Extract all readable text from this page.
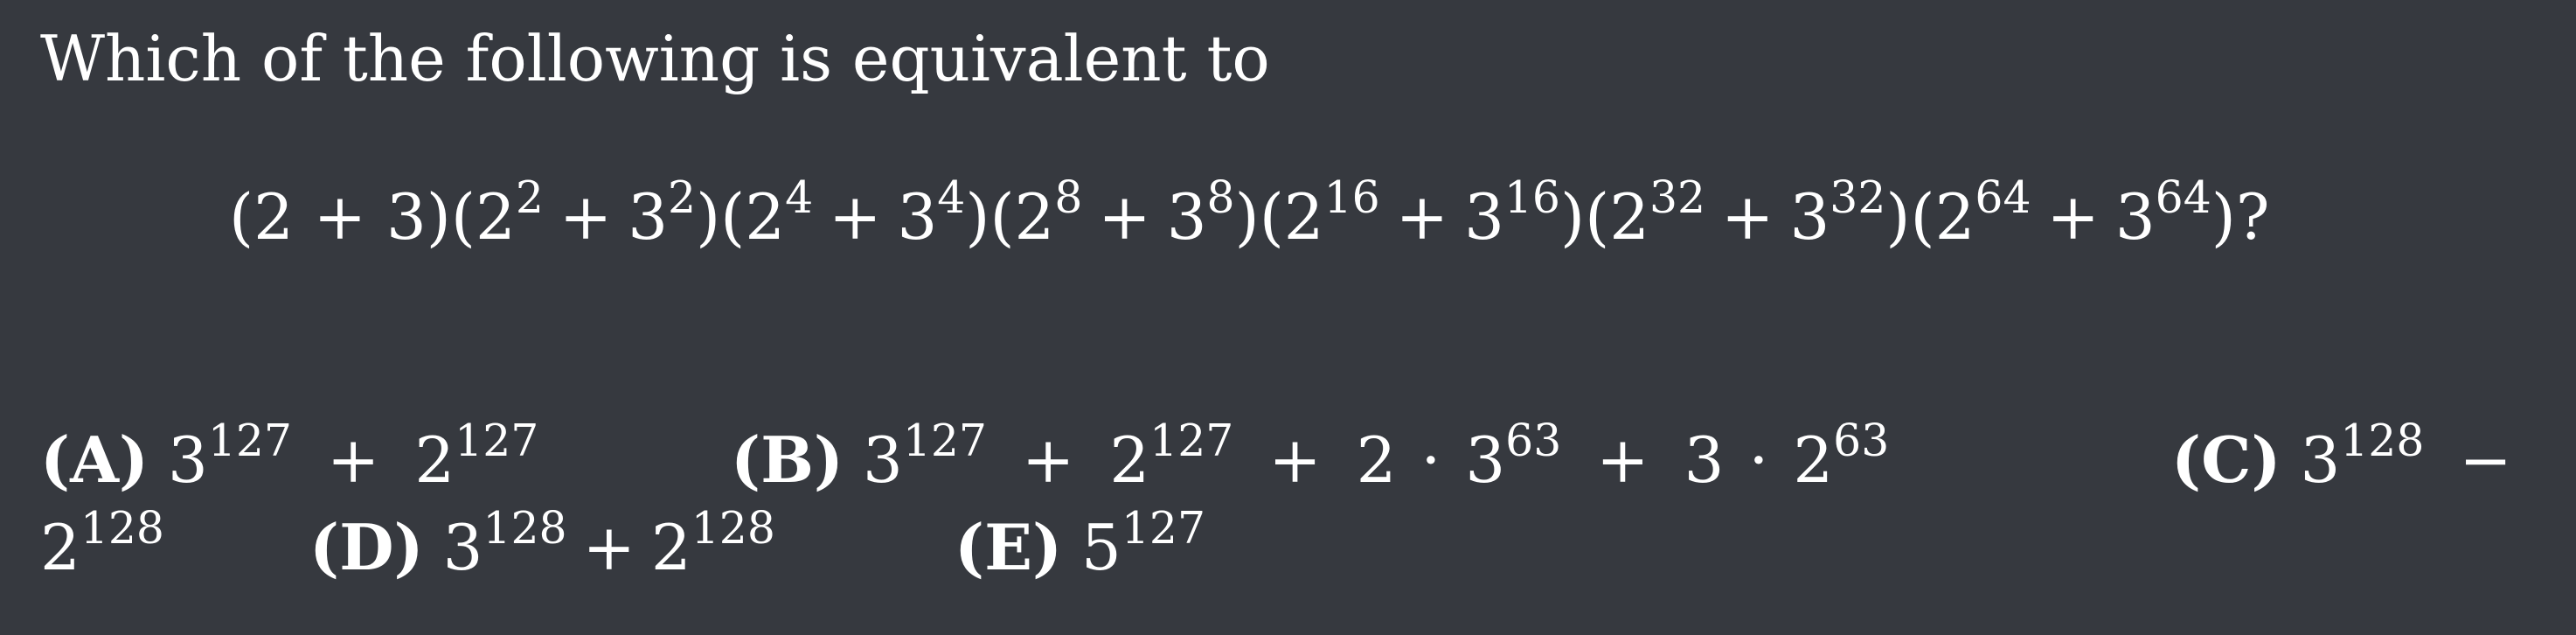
Which of the following is equivalent to
$(2 + 3)(2^2 + 3^2)(2^4 + 3^4)(2^8 + 3^8)(2^{16} + 3^{16})(2^{32} + 3^{32})(2^{64} + 3^{64})$?
(A) $3^{127} + 2^{127}$	(B) $3^{127} + 2^{127} + 2 \cdot 3^{63} + 3 \cdot 2^{63}$	(C) $3^{128}$ −
$2^{128}$ (D) $3^{128} + 2^{128}$	(E) $5^{127}$
